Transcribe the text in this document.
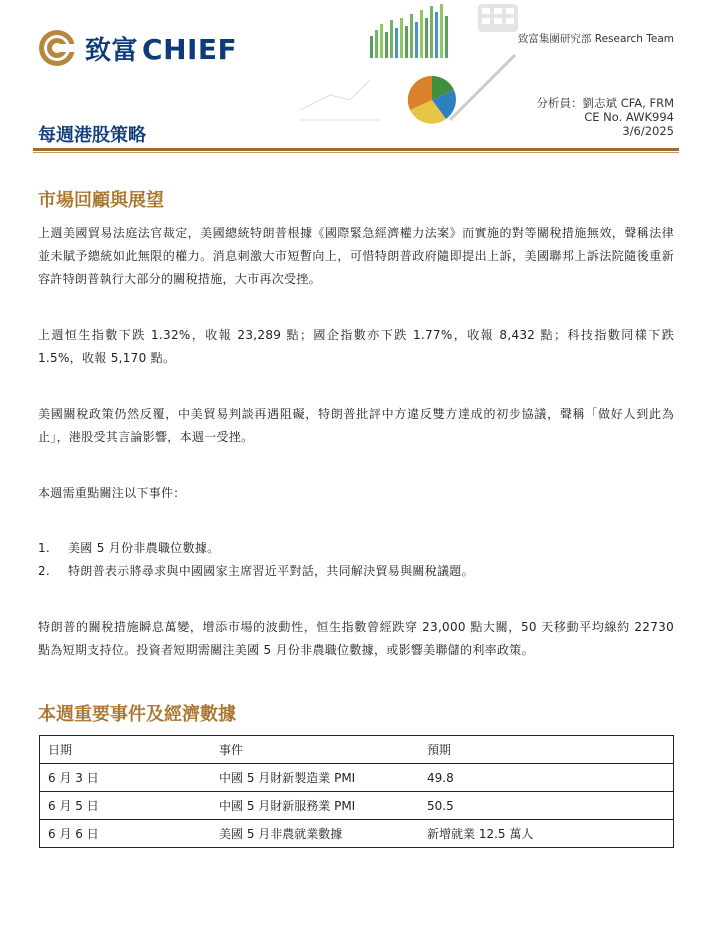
致富 CHIEF	致富集團研究部 Research Team
分析員：劉志斌 CFA, FRM
CE No. AWK994
3/6/2025
每週港股策略
市場回顧與展望
上週美國貿易法庭法官裁定，美國總統特朗普根據《國際緊急經濟權力法案》而實施的對等關稅措施無效，聲稱法律並未賦予總統如此無限的權力。消息刺激大市短暫向上，可惜特朗普政府隨即提出上訴，美國聯邦上訴法院隨後重新容許特朗普執行大部分的關稅措施，大市再次受挫。
上週恒生指數下跌 1.32%，收報 23,289 點；國企指數亦下跌 1.77%，收報 8,432 點；科技指數同樣下跌 1.5%，收報 5,170 點。
美國關稅政策仍然反覆，中美貿易判談再遇阻礙，特朗普批評中方違反雙方達成的初步協議，聲稱「做好人到此為止」，港股受其言論影響，本週一受挫。
本週需重點關注以下事件：
1.	美國 5 月份非農職位數據。
2.	特朗普表示將尋求與中國國家主席習近平對話，共同解決貿易與關稅議題。
特朗普的關稅措施瞬息萬變，增添市場的波動性，恒生指數曾經跌穿 23,000 點大關，50 天移動平均線約 22730 點為短期支持位。投資者短期需關注美國 5 月份非農職位數據，或影響美聯儲的利率政策。
本週重要事件及經濟數據
日期	事件	預期
6 月 3 日	中國 5 月財新製造業 PMI	49.8
6 月 5 日	中國 5 月財新服務業 PMI	50.5
6 月 6 日	美國 5 月非農就業數據	新增就業 12.5 萬人
